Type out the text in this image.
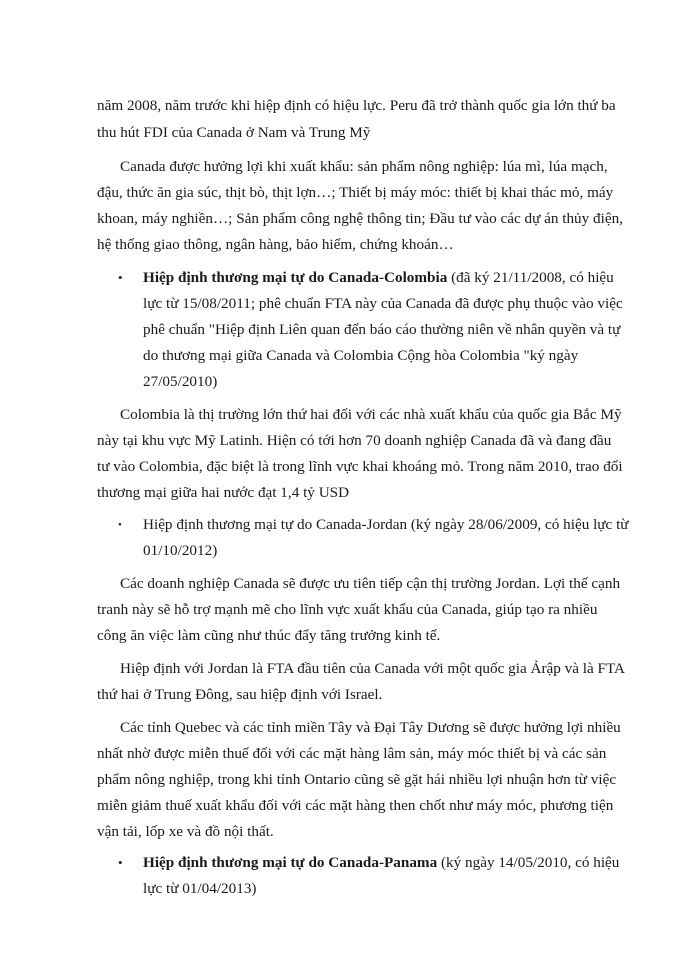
năm 2008, năm trước khi hiệp định có hiệu lực. Peru đã trở thành quốc gia lớn thứ ba
thu hút FDI của Canada ở Nam và Trung Mỹ
Canada được hưởng lợi khi xuất khẩu: sản phẩm nông nghiệp: lúa mì, lúa mạch,
đậu, thức ăn gia súc, thịt bò, thịt lợn…; Thiết bị máy móc: thiết bị khai thác mỏ, máy
khoan, máy nghiền…; Sản phẩm công nghệ thông tin; Đầu tư vào các dự án thủy điện,
hệ thống giao thông, ngân hàng, bảo hiểm, chứng khoán…
• Hiệp định thương mại tự do Canada-Colombia (đã ký 21/11/2008, có hiệu
lực từ 15/08/2011; phê chuẩn FTA này của Canada đã được phụ thuộc vào việc
phê chuẩn "Hiệp định Liên quan đến báo cáo thường niên về nhân quyền và tự
do thương mại giữa Canada và Colombia Cộng hòa Colombia "ký ngày
27/05/2010)
Colombia là thị trường lớn thứ hai đối với các nhà xuất khẩu của quốc gia Bắc Mỹ
này tại khu vực Mỹ Latinh. Hiện có tới hơn 70 doanh nghiệp Canada đã và đang đầu
tư vào Colombia, đặc biệt là trong lĩnh vực khai khoáng mỏ. Trong năm 2010, trao đổi
thương mại giữa hai nước đạt 1,4 tỷ USD
• Hiệp định thương mại tự do Canada-Jordan (ký ngày 28/06/2009, có hiệu lực từ
01/10/2012)
Các doanh nghiệp Canada sẽ được ưu tiên tiếp cận thị trường Jordan. Lợi thế cạnh
tranh này sẽ hỗ trợ mạnh mẽ cho lĩnh vực xuất khẩu của Canada, giúp tạo ra nhiều
công ăn việc làm cũng như thúc đẩy tăng trưởng kinh tế.
Hiệp định với Jordan là FTA đầu tiên của Canada với một quốc gia Ảrập và là FTA
thứ hai ở Trung Đông, sau hiệp định với Israel.
Các tỉnh Quebec và các tỉnh miền Tây và Đại Tây Dương sẽ được hưởng lợi nhiều
nhất nhờ được miễn thuế đối với các mặt hàng lâm sản, máy móc thiết bị và các sản
phẩm nông nghiệp, trong khi tỉnh Ontario cũng sẽ gặt hái nhiều lợi nhuận hơn từ việc
miễn giảm thuế xuất khẩu đối với các mặt hàng then chốt như máy móc, phương tiện
vận tải, lốp xe và đồ nội thất.
• Hiệp định thương mại tự do Canada-Panama (ký ngày 14/05/2010, có hiệu
lực từ 01/04/2013)
